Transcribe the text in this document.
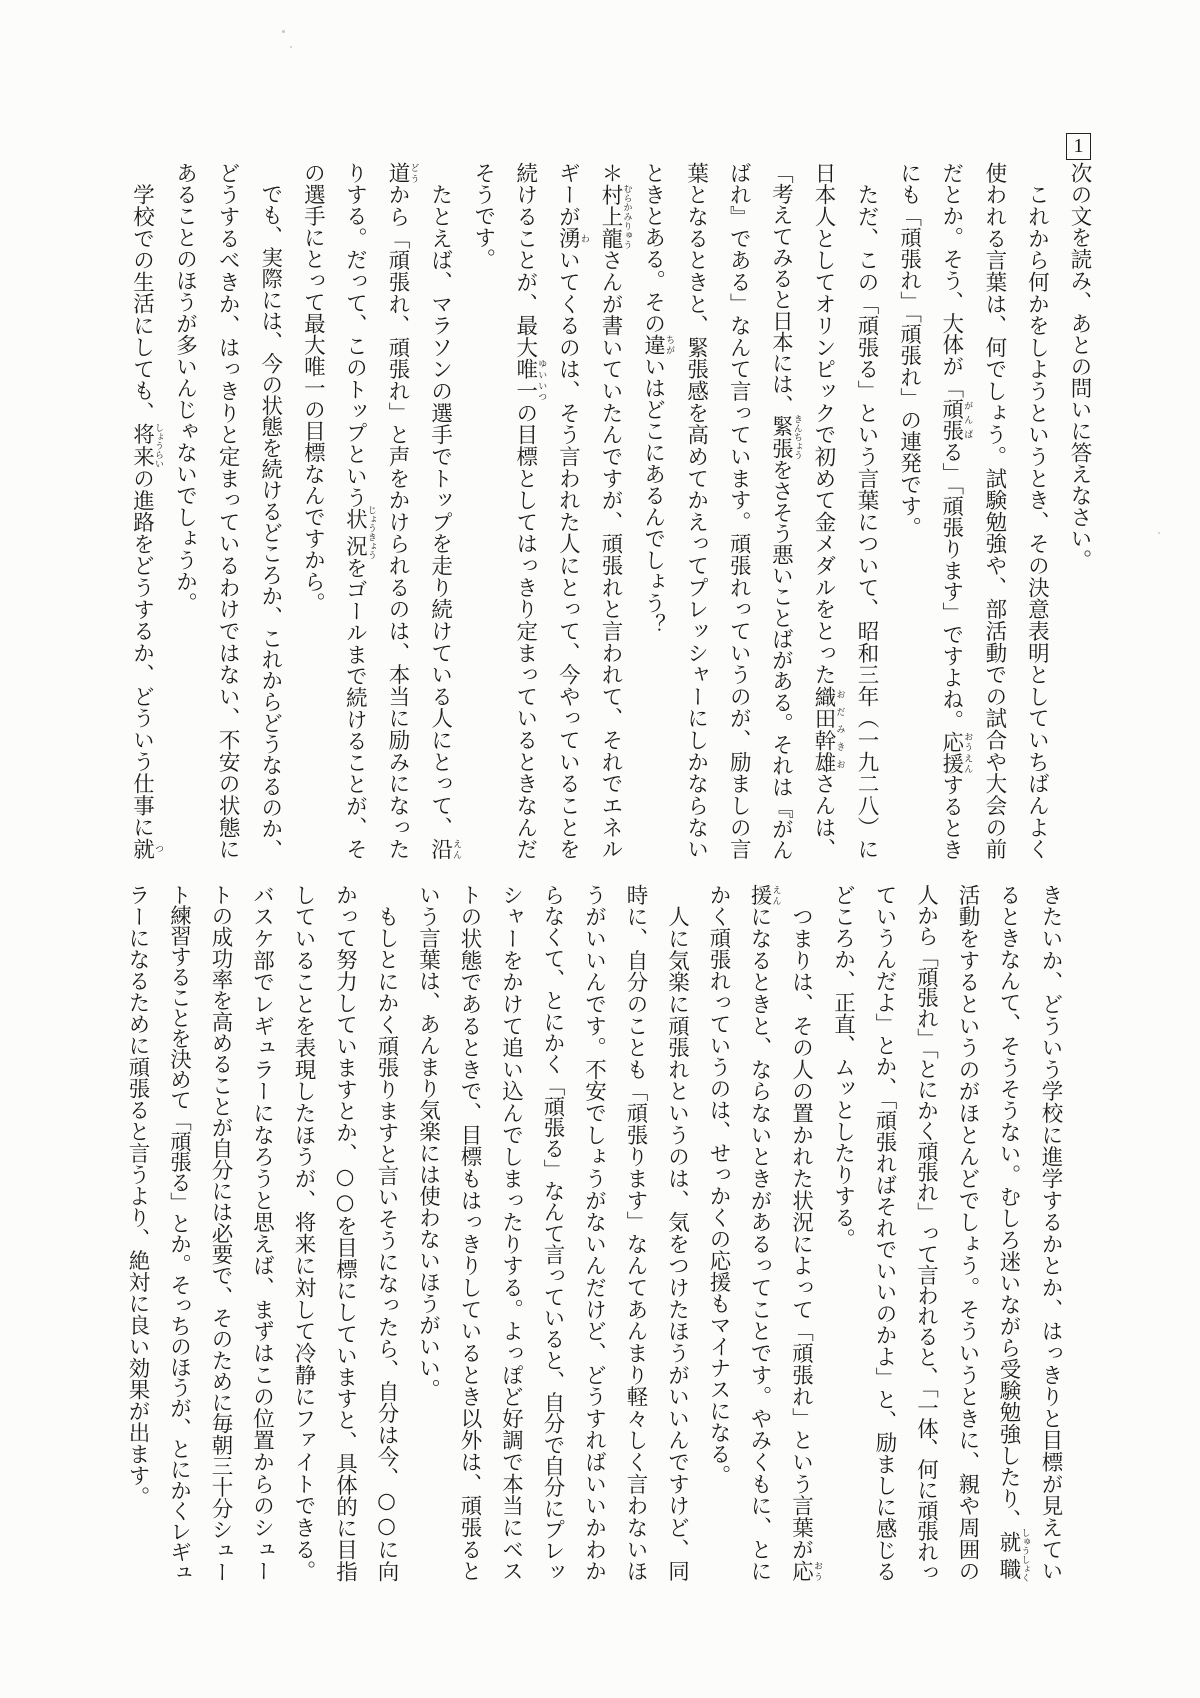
1
次の文を読み、あとの問いに答えなさい。
　これから何かをしようというとき、その決意表明としていちばんよく
使われる言葉は、何でしょう。試験勉強や、部活動での試合や大会の前
だとか。そう、大体が「頑張がんばる」「頑張ります」ですよね。応援おうえんするとき
にも「頑張れ」「頑張れ」の連発です。
　ただ、この「頑張る」という言葉について、昭和三年（一九二八）に
日本人としてオリンピックで初めて金メダルをとった織田幹雄おだみきおさんは、
「考えてみると日本には、緊張きんちょうをさそう悪いことばがある。それは『がん
ばれ』である」なんて言っています。頑張れっていうのが、励ましの言
葉となるときと、緊張感を高めてかえってプレッシャーにしかならない
ときとある。その違ちがいはどこにあるんでしょう？
＊村上龍むらかみりゅうさんが書いていたんですが、頑張れと言われて、それでエネル
ギーが湧わいてくるのは、そう言われた人にとって、今やっていることを
続けることが、最大唯一ゆいいつの目標としてはっきり定まっているときなんだ
そうです。
　たとえば、マラソンの選手でトップを走り続けている人にとって、沿えん
道どうから「頑張れ、頑張れ」と声をかけられるのは、本当に励みになった
りする。だって、このトップという状況じょうきょうをゴールまで続けることが、そ
の選手にとって最大唯一の目標なんですから。
　でも、実際には、今の状態を続けるどころか、これからどうなるのか、
どうするべきか、はっきりと定まっているわけではない、不安の状態に
あることのほうが多いんじゃないでしょうか。
　学校での生活にしても、将来しょうらいの進路をどうするか、どういう仕事に就つ
きたいか、どういう学校に進学するかとか、はっきりと目標が見えてい
るときなんて、そうそうない。むしろ迷いながら受験勉強したり、就職しゅうしょく
活動をするというのがほとんどでしょう。そういうときに、親や周囲の
人から「頑張れ」「とにかく頑張れ」って言われると、「一体、何に頑張れっ
ていうんだよ」とか、「頑張ればそれでいいのかよ」と、励ましに感じる
どころか、正直、ムッとしたりする。
　つまりは、その人の置かれた状況によって「頑張れ」という言葉が応おう
援えんになるときと、ならないときがあるってことです。やみくもに、とに
かく頑張れっていうのは、せっかくの応援もマイナスになる。
　人に気楽に頑張れというのは、気をつけたほうがいいんですけど、同
時に、自分のことも「頑張ります」なんてあんまり軽々しく言わないほ
うがいいんです。不安でしょうがないんだけど、どうすればいいかわか
らなくて、とにかく「頑張る」なんて言っていると、自分で自分にプレッ
シャーをかけて追い込んでしまったりする。よっぽど好調で本当にベス
トの状態であるときで、目標もはっきりしているとき以外は、頑張ると
いう言葉は、あんまり気楽には使わないほうがいい。
　もしとにかく頑張りますと言いそうになったら、自分は今、○○に向
かって努力していますとか、○○を目標にしていますと、具体的に目指
していることを表現したほうが、将来に対して冷静にファイトできる。
バスケ部でレギュラーになろうと思えば、まずはこの位置からのシュー
トの成功率を高めることが自分には必要で、そのために毎朝三十分シュー
ト練習することを決めて「頑張る」とか。そっちのほうが、とにかくレギュ
ラーになるために頑張ると言うより、絶対に良い効果が出ます。
